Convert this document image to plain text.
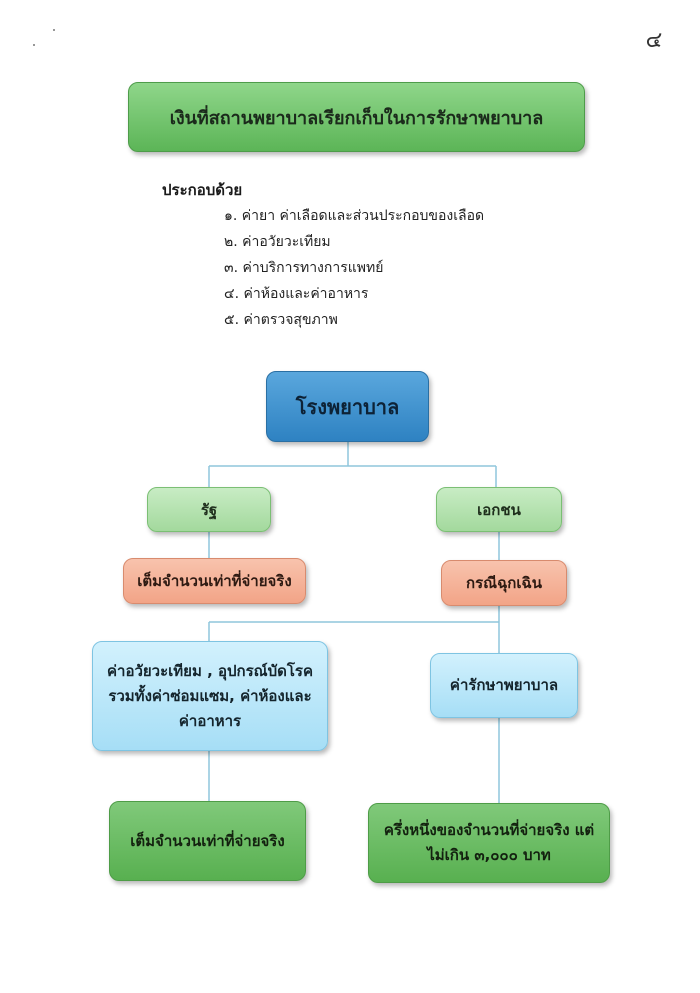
๔
เงินที่สถานพยาบาลเรียกเก็บในการรักษาพยาบาล
ประกอบด้วย
๑. ค่ายา ค่าเลือดและส่วนประกอบของเลือด
๒. ค่าอวัยวะเทียม
๓. ค่าบริการทางการแพทย์
๔. ค่าห้องและค่าอาหาร
๕. ค่าตรวจสุขภาพ
โรงพยาบาล
รัฐ	เอกชน
เต็มจำนวนเท่าที่จ่ายจริง	กรณีฉุกเฉิน
ค่าอวัยวะเทียม , อุปกรณ์บัดโรค
รวมทั้งค่าซ่อมแซม, ค่าห้องและ
ค่าอาหาร
ค่ารักษาพยาบาล
เต็มจำนวนเท่าที่จ่ายจริง
ครึ่งหนึ่งของจำนวนที่จ่ายจริง แต่
ไม่เกิน ๓,๐๐๐ บาท
